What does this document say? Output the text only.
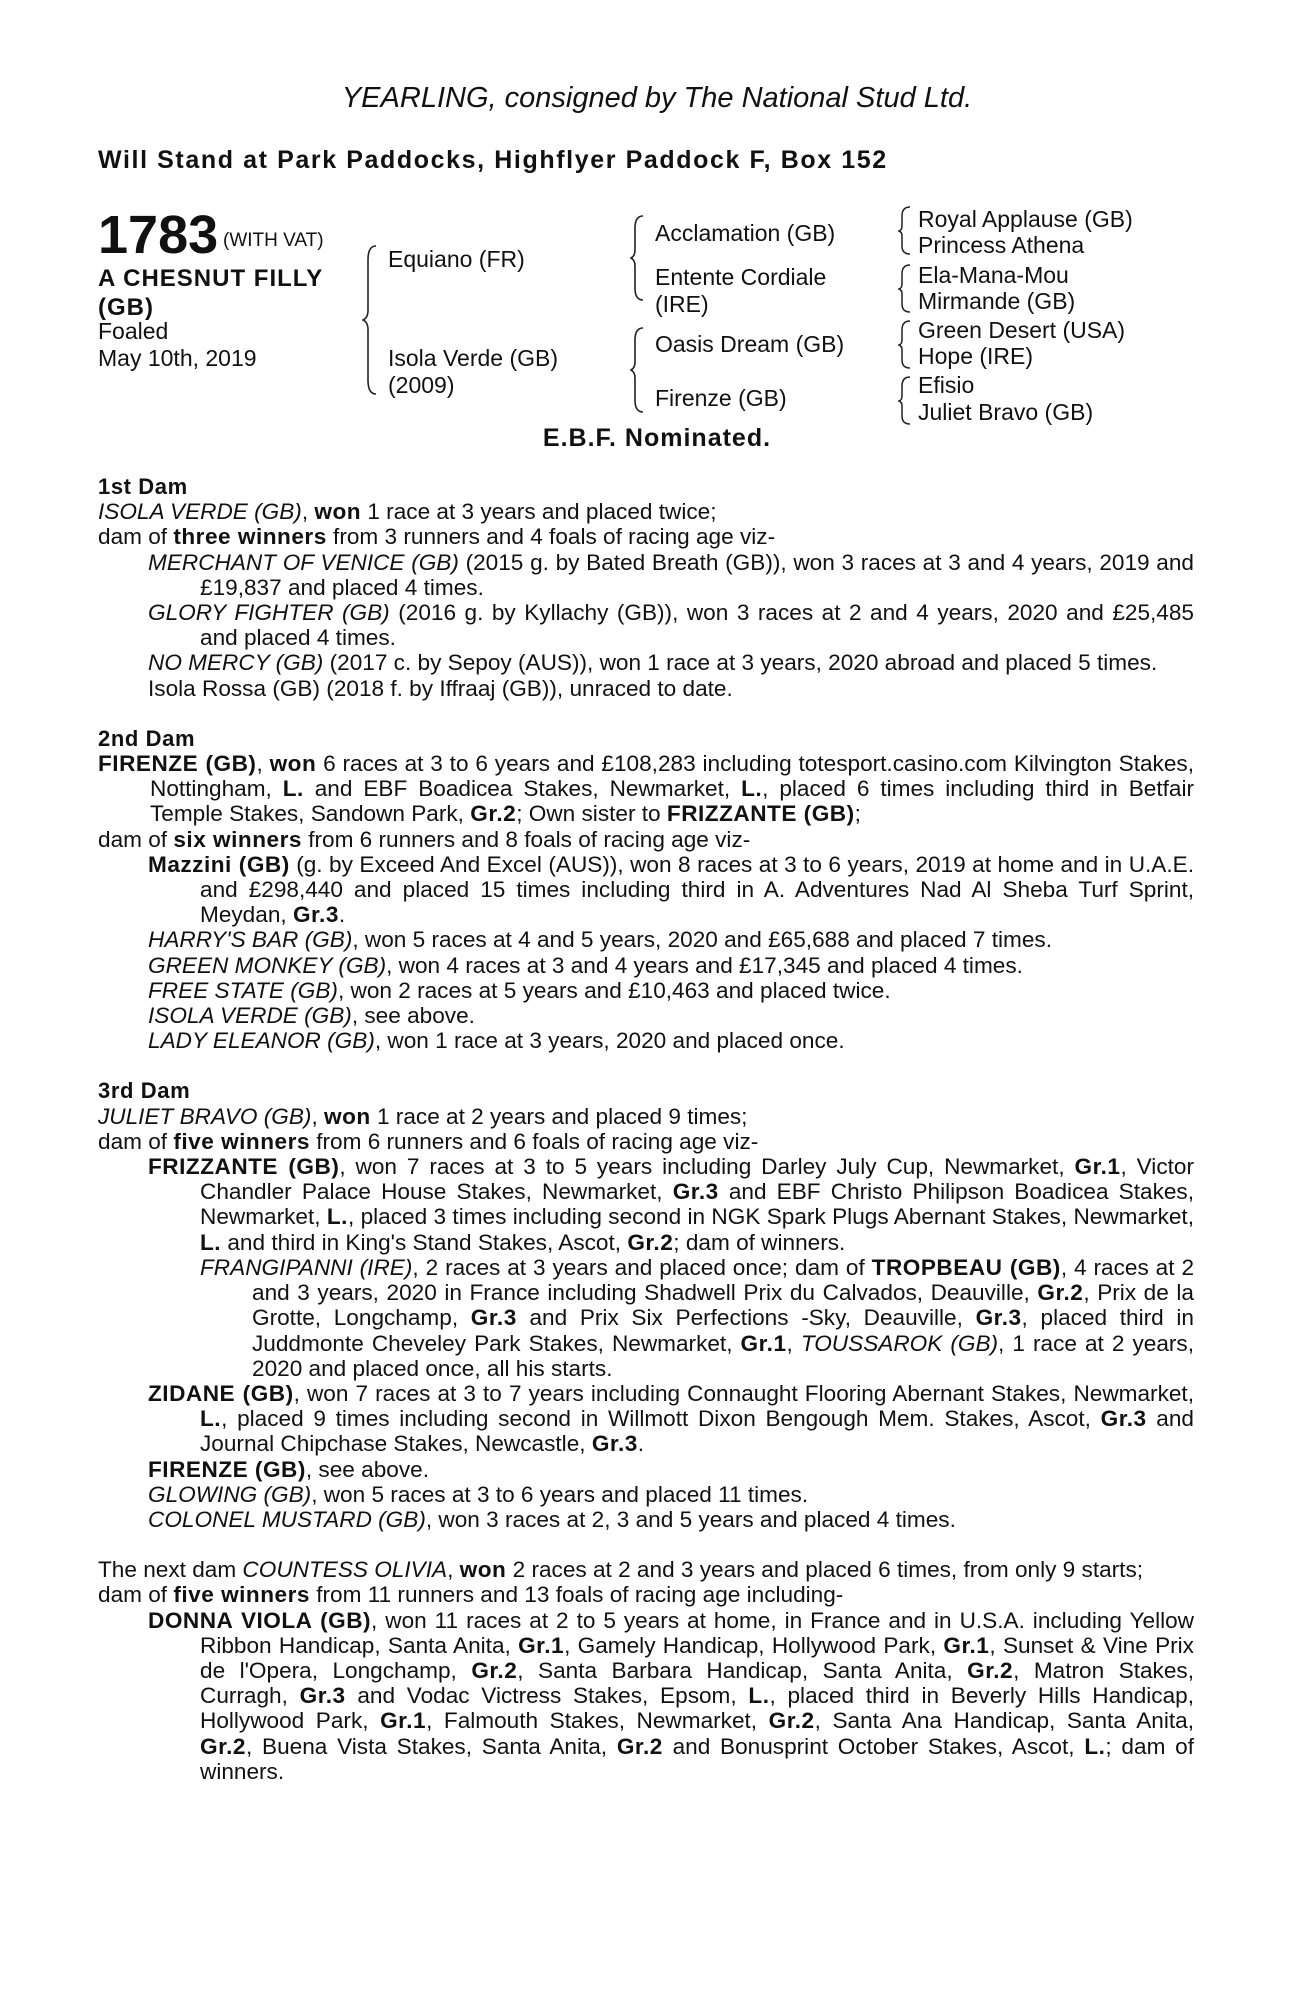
YEARLING, consigned by The National Stud Ltd.
Will Stand at Park Paddocks, Highflyer Paddock F, Box 152
1783 (WITH VAT)
A CHESNUT FILLY
(GB)
Foaled
May 10th, 2019
Equiano (FR)
Isola Verde (GB)
(2009)
Acclamation (GB)
Entente Cordiale
(IRE)
Oasis Dream (GB)
Firenze (GB)
Royal Applause (GB)
Princess Athena
Ela-Mana-Mou
Mirmande (GB)
Green Desert (USA)
Hope (IRE)
Efisio
Juliet Bravo (GB)
E.B.F. Nominated.

1st Dam

ISOLA VERDE (GB), won 1 race at 3 years and placed twice;

dam of three winners from 3 runners and 4 foals of racing age viz-

MERCHANT OF VENICE (GB) (2015 g. by Bated Breath (GB)), won 3 races at 3 and 4 years, 2019 and £19,837 and placed 4 times.

GLORY FIGHTER (GB) (2016 g. by Kyllachy (GB)), won 3 races at 2 and 4 years, 2020 and £25,485 and placed 4 times.

NO MERCY (GB) (2017 c. by Sepoy (AUS)), won 1 race at 3 years, 2020 abroad and placed 5 times.

Isola Rossa (GB) (2018 f. by Iffraaj (GB)), unraced to date.

2nd Dam

FIRENZE (GB), won 6 races at 3 to 6 years and £108,283 including totesport.casino.com Kilvington Stakes, Nottingham, L. and EBF Boadicea Stakes, Newmarket, L., placed 6 times including third in Betfair Temple Stakes, Sandown Park, Gr.2; Own sister to FRIZZANTE (GB);

dam of six winners from 6 runners and 8 foals of racing age viz-

Mazzini (GB) (g. by Exceed And Excel (AUS)), won 8 races at 3 to 6 years, 2019 at home and in U.A.E. and £298,440 and placed 15 times including third in A. Adventures Nad Al Sheba Turf Sprint, Meydan, Gr.3.

HARRY'S BAR (GB), won 5 races at 4 and 5 years, 2020 and £65,688 and placed 7 times.

GREEN MONKEY (GB), won 4 races at 3 and 4 years and £17,345 and placed 4 times.

FREE STATE (GB), won 2 races at 5 years and £10,463 and placed twice.

ISOLA VERDE (GB), see above.

LADY ELEANOR (GB), won 1 race at 3 years, 2020 and placed once.

3rd Dam

JULIET BRAVO (GB), won 1 race at 2 years and placed 9 times;

dam of five winners from 6 runners and 6 foals of racing age viz-

FRIZZANTE (GB), won 7 races at 3 to 5 years including Darley July Cup, Newmarket, Gr.1, Victor Chandler Palace House Stakes, Newmarket, Gr.3 and EBF Christo Philipson Boadicea Stakes, Newmarket, L., placed 3 times including second in NGK Spark Plugs Abernant Stakes, Newmarket, L. and third in King's Stand Stakes, Ascot, Gr.2; dam of winners.

FRANGIPANNI (IRE), 2 races at 3 years and placed once; dam of TROPBEAU (GB), 4 races at 2 and 3 years, 2020 in France including Shadwell Prix du Calvados, Deauville, Gr.2, Prix de la Grotte, Longchamp, Gr.3 and Prix Six Perfections -Sky, Deauville, Gr.3, placed third in Juddmonte Cheveley Park Stakes, Newmarket, Gr.1, TOUSSAROK (GB), 1 race at 2 years, 2020 and placed once, all his starts.

ZIDANE (GB), won 7 races at 3 to 7 years including Connaught Flooring Abernant Stakes, Newmarket, L., placed 9 times including second in Willmott Dixon Bengough Mem. Stakes, Ascot, Gr.3 and Journal Chipchase Stakes, Newcastle, Gr.3.

FIRENZE (GB), see above.

GLOWING (GB), won 5 races at 3 to 6 years and placed 11 times.

COLONEL MUSTARD (GB), won 3 races at 2, 3 and 5 years and placed 4 times.

The next dam COUNTESS OLIVIA, won 2 races at 2 and 3 years and placed 6 times, from only 9 starts;

dam of five winners from 11 runners and 13 foals of racing age including-

DONNA VIOLA (GB), won 11 races at 2 to 5 years at home, in France and in U.S.A. including Yellow Ribbon Handicap, Santa Anita, Gr.1, Gamely Handicap, Hollywood Park, Gr.1, Sunset & Vine Prix de l'Opera, Longchamp, Gr.2, Santa Barbara Handicap, Santa Anita, Gr.2, Matron Stakes, Curragh, Gr.3 and Vodac Victress Stakes, Epsom, L., placed third in Beverly Hills Handicap, Hollywood Park, Gr.1, Falmouth Stakes, Newmarket, Gr.2, Santa Ana Handicap, Santa Anita, Gr.2, Buena Vista Stakes, Santa Anita, Gr.2 and Bonusprint October Stakes, Ascot, L.; dam of winners.
